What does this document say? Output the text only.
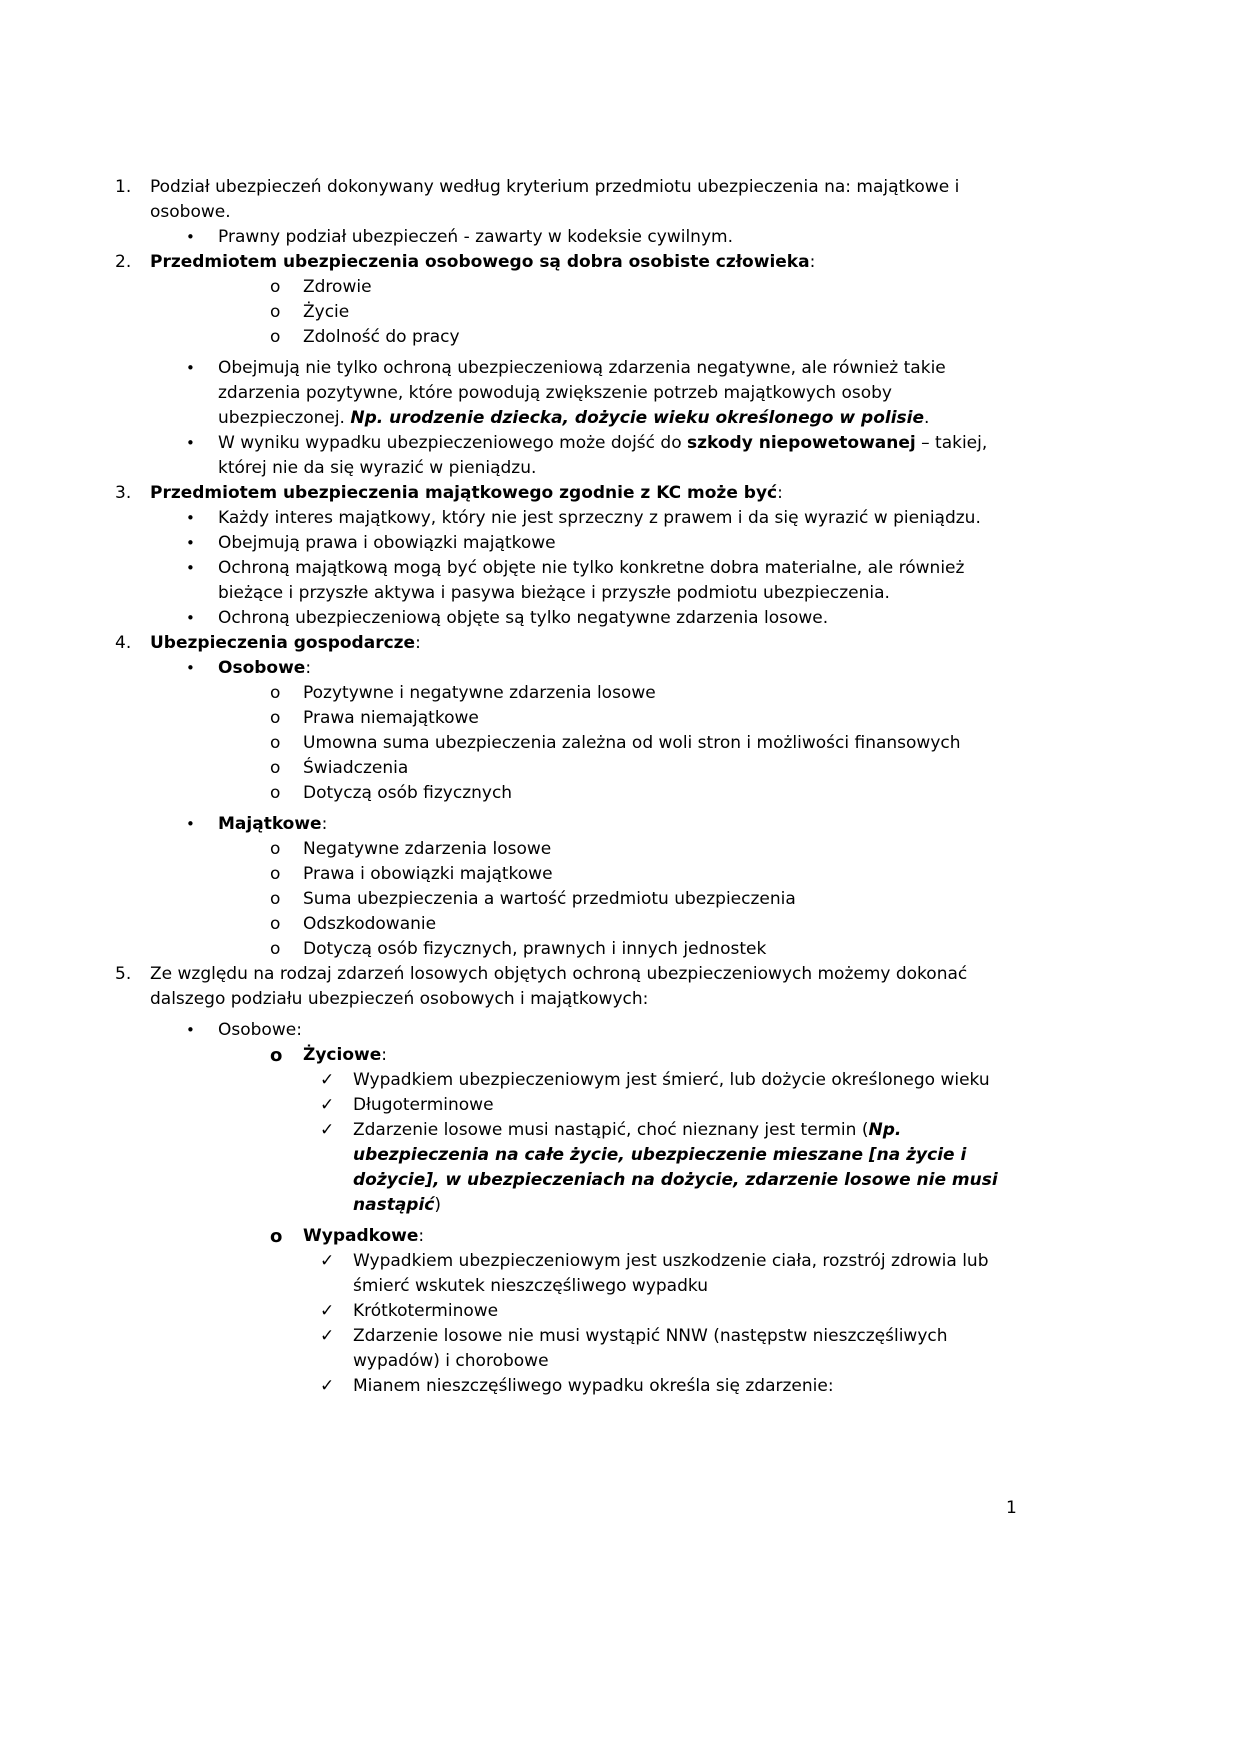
1. Podział ubezpieczeń dokonywany według kryterium przedmiotu ubezpieczenia na: majątkowe i osobowe.
• Prawny podział ubezpieczeń - zawarty w kodeksie cywilnym.
2. Przedmiotem ubezpieczenia osobowego są dobra osobiste człowieka:
o Zdrowie
o Życie
o Zdolność do pracy
• Obejmują nie tylko ochroną ubezpieczeniową zdarzenia negatywne, ale również takie zdarzenia pozytywne, które powodują zwiększenie potrzeb majątkowych osoby ubezpieczonej. Np. urodzenie dziecka, dożycie wieku określonego w polisie.
• W wyniku wypadku ubezpieczeniowego może dojść do szkody niepowetowanej – takiej, której nie da się wyrazić w pieniądzu.
3. Przedmiotem ubezpieczenia majątkowego zgodnie z KC może być:
• Każdy interes majątkowy, który nie jest sprzeczny z prawem i da się wyrazić w pieniądzu.
• Obejmują prawa i obowiązki majątkowe
• Ochroną majątkową mogą być objęte nie tylko konkretne dobra materialne, ale również bieżące i przyszłe aktywa i pasywa bieżące i przyszłe podmiotu ubezpieczenia.
• Ochroną ubezpieczeniową objęte są tylko negatywne zdarzenia losowe.
4. Ubezpieczenia gospodarcze:
• Osobowe:
o Pozytywne i negatywne zdarzenia losowe
o Prawa niemajątkowe
o Umowna suma ubezpieczenia zależna od woli stron i możliwości finansowych
o Świadczenia
o Dotyczą osób fizycznych
• Majątkowe:
o Negatywne zdarzenia losowe
o Prawa i obowiązki majątkowe
o Suma ubezpieczenia a wartość przedmiotu ubezpieczenia
o Odszkodowanie
o Dotyczą osób fizycznych, prawnych i innych jednostek
5. Ze względu na rodzaj zdarzeń losowych objętych ochroną ubezpieczeniowych możemy dokonać dalszego podziału ubezpieczeń osobowych i majątkowych:
• Osobowe:
o Życiowe:
✓ Wypadkiem ubezpieczeniowym jest śmierć, lub dożycie określonego wieku
✓ Długoterminowe
✓ Zdarzenie losowe musi nastąpić, choć nieznany jest termin (Np. ubezpieczenia na całe życie, ubezpieczenie mieszane [na życie i dożycie], w ubezpieczeniach na dożycie, zdarzenie losowe nie musi nastąpić)
o Wypadkowe:
✓ Wypadkiem ubezpieczeniowym jest uszkodzenie ciała, rozstrój zdrowia lub śmierć wskutek nieszczęśliwego wypadku
✓ Krótkoterminowe
✓ Zdarzenie losowe nie musi wystąpić NNW (następstw nieszczęśliwych wypadów) i chorobowe
✓ Mianem nieszczęśliwego wypadku określa się zdarzenie:
1
